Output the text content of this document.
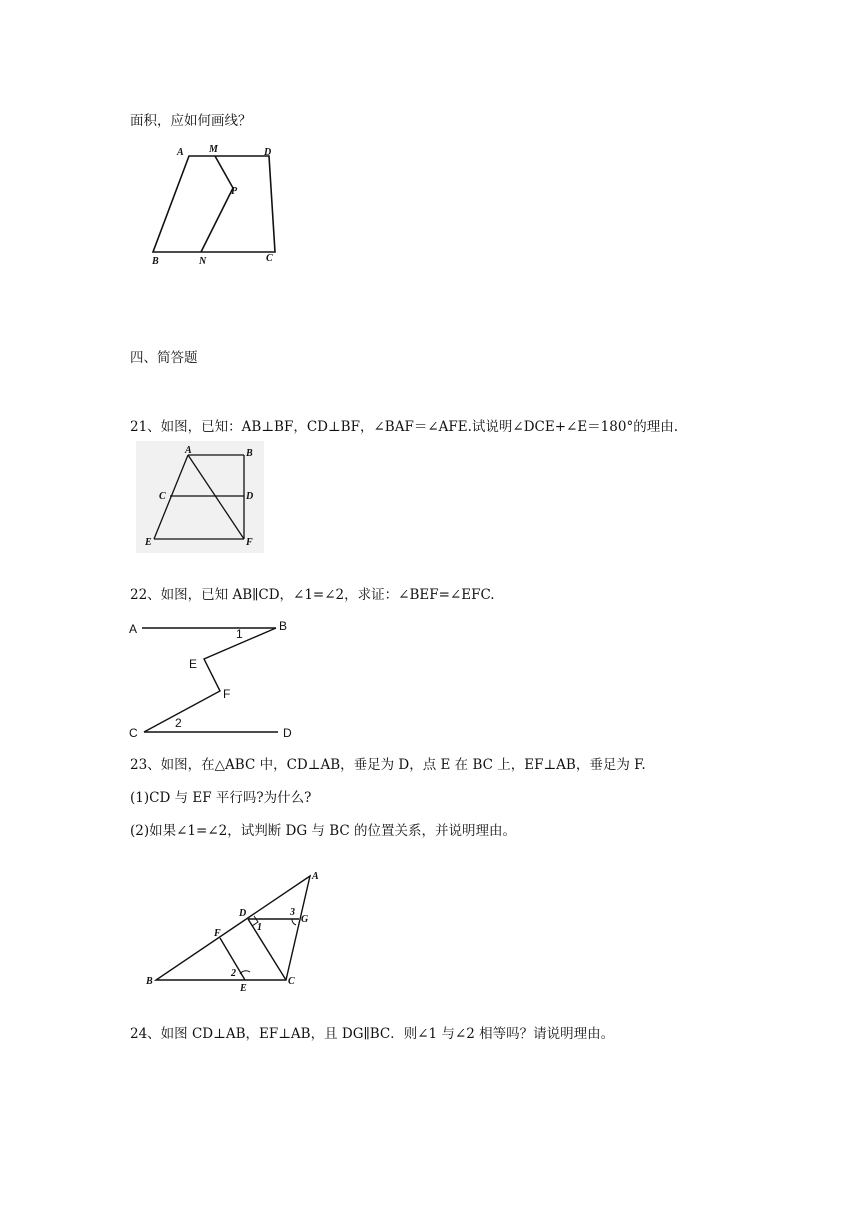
面积，应如何画线？
A	M	D
P
B	N	C
四、简答题
21、如图，已知：AB⊥BF，CD⊥BF，∠BAF＝∠AFE.试说明∠DCE+∠E＝180°的理由.
A	B
C	D
E	F
22、如图，已知 AB∥CD，∠1=∠2，求证：∠BEF=∠EFC.
A	B
1
E
F
2
C	D
23、如图，在△ABC 中，CD⊥AB，垂足为 D，点 E 在 BC 上，EF⊥AB，垂足为 F.
(1)CD 与 EF 平行吗?为什么?
(2)如果∠1=∠2，试判断 DG 与 BC 的位置关系，并说明理由。
A
D	3
G
1
F
2
B
E
C
24、如图 CD⊥AB，EF⊥AB，且 DG∥BC．则∠1 与∠2 相等吗？请说明理由。
